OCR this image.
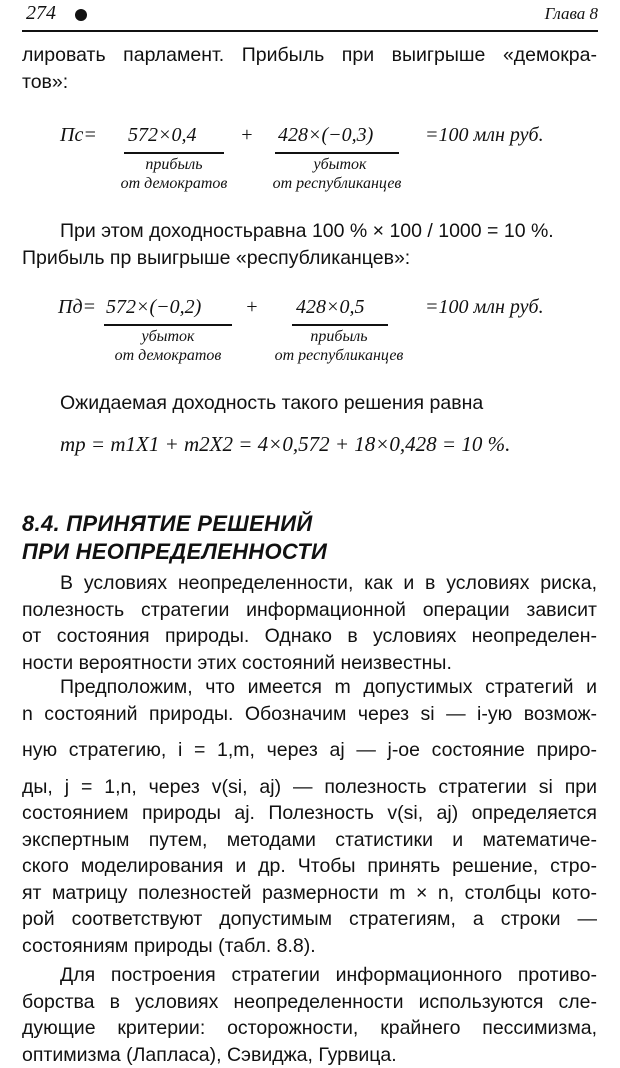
274	Глава 8
лировать парламент. Прибыль при выигрыше «демокра-
тов»:
Пс= 572×0,4 + 428×(−0,3)	=100 млн руб.
прибыль
от демократов
убыток
от республиканцев
При этом доходностьравна 100 % × 100 / 1000 = 10 %.
Прибыль пр выигрыше «республиканцев»:
Пд= 572×(−0,2) + 428×0,5	=100 млн руб.
убыток
от демократов
прибыль
от республиканцев
Ожидаемая доходность такого решения равна
mp = m1X1 + m2X2 = 4×0,572 + 18×0,428 = 10 %.
8.4. ПРИНЯТИЕ РЕШЕНИЙ
ПРИ НЕОПРЕДЕЛЕННОСТИ
В условиях неопределенности, как и в условиях риска,
полезность стратегии информационной операции зависит
от состояния природы. Однако в условиях неопределен-
ности вероятности этих состояний неизвестны.
Предположим, что имеется m допустимых стратегий и
n состояний природы. Обозначим через si — i-ую возмож-
ную стратегию, i = 1,m, через aj — j-ое состояние приро-
ды, j = 1,n, через v(si, aj) — полезность стратегии si при
состоянием природы aj. Полезность v(si, aj) определяется
экспертным путем, методами статистики и математиче-
ского моделирования и др. Чтобы принять решение, стро-
ят матрицу полезностей размерности m × n, столбцы кото-
рой соответствуют допустимым стратегиям, а строки —
состояниям природы (табл. 8.8).
Для построения стратегии информационного противо-
борства в условиях неопределенности используются сле-
дующие критерии: осторожности, крайнего пессимизма,
оптимизма (Лапласа), Сэвиджа, Гурвица.
